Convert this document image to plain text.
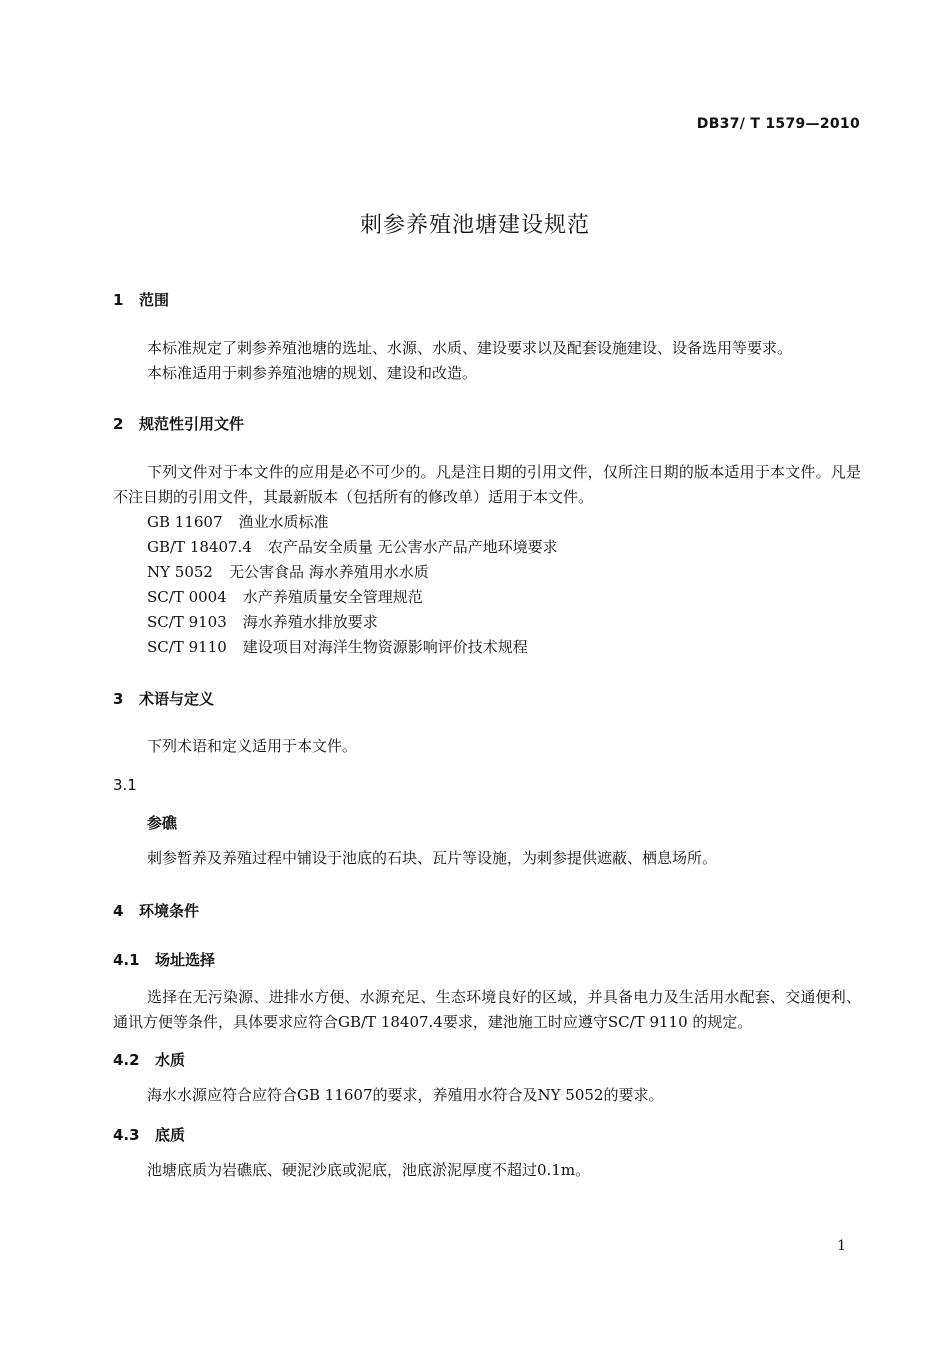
DB37/ T 1579—2010
刺参养殖池塘建设规范
1 范围
本标准规定了刺参养殖池塘的选址、水源、水质、建设要求以及配套设施建设、设备选用等要求。
本标准适用于刺参养殖池塘的规划、建设和改造。
2 规范性引用文件
下列文件对于本文件的应用是必不可少的。凡是注日期的引用文件，仅所注日期的版本适用于本文件。凡是不注日期的引用文件，其最新版本（包括所有的修改单）适用于本文件。
GB 11607 渔业水质标准
GB/T 18407.4 农产品安全质量 无公害水产品产地环境要求
NY 5052 无公害食品 海水养殖用水水质
SC/T 0004 水产养殖质量安全管理规范
SC/T 9103 海水养殖水排放要求
SC/T 9110 建设项目对海洋生物资源影响评价技术规程
3 术语与定义
下列术语和定义适用于本文件。
3.1
参礁
刺参暂养及养殖过程中铺设于池底的石块、瓦片等设施，为刺参提供遮蔽、栖息场所。
4 环境条件
4.1 场址选择
选择在无污染源、进排水方便、水源充足、生态环境良好的区域，并具备电力及生活用水配套、交通便利、通讯方便等条件，具体要求应符合GB/T 18407.4要求，建池施工时应遵守SC/T 9110 的规定。
4.2 水质
海水水源应符合应符合GB 11607的要求，养殖用水符合及NY 5052的要求。
4.3 底质
池塘底质为岩礁底、硬泥沙底或泥底，池底淤泥厚度不超过0.1m。
1
